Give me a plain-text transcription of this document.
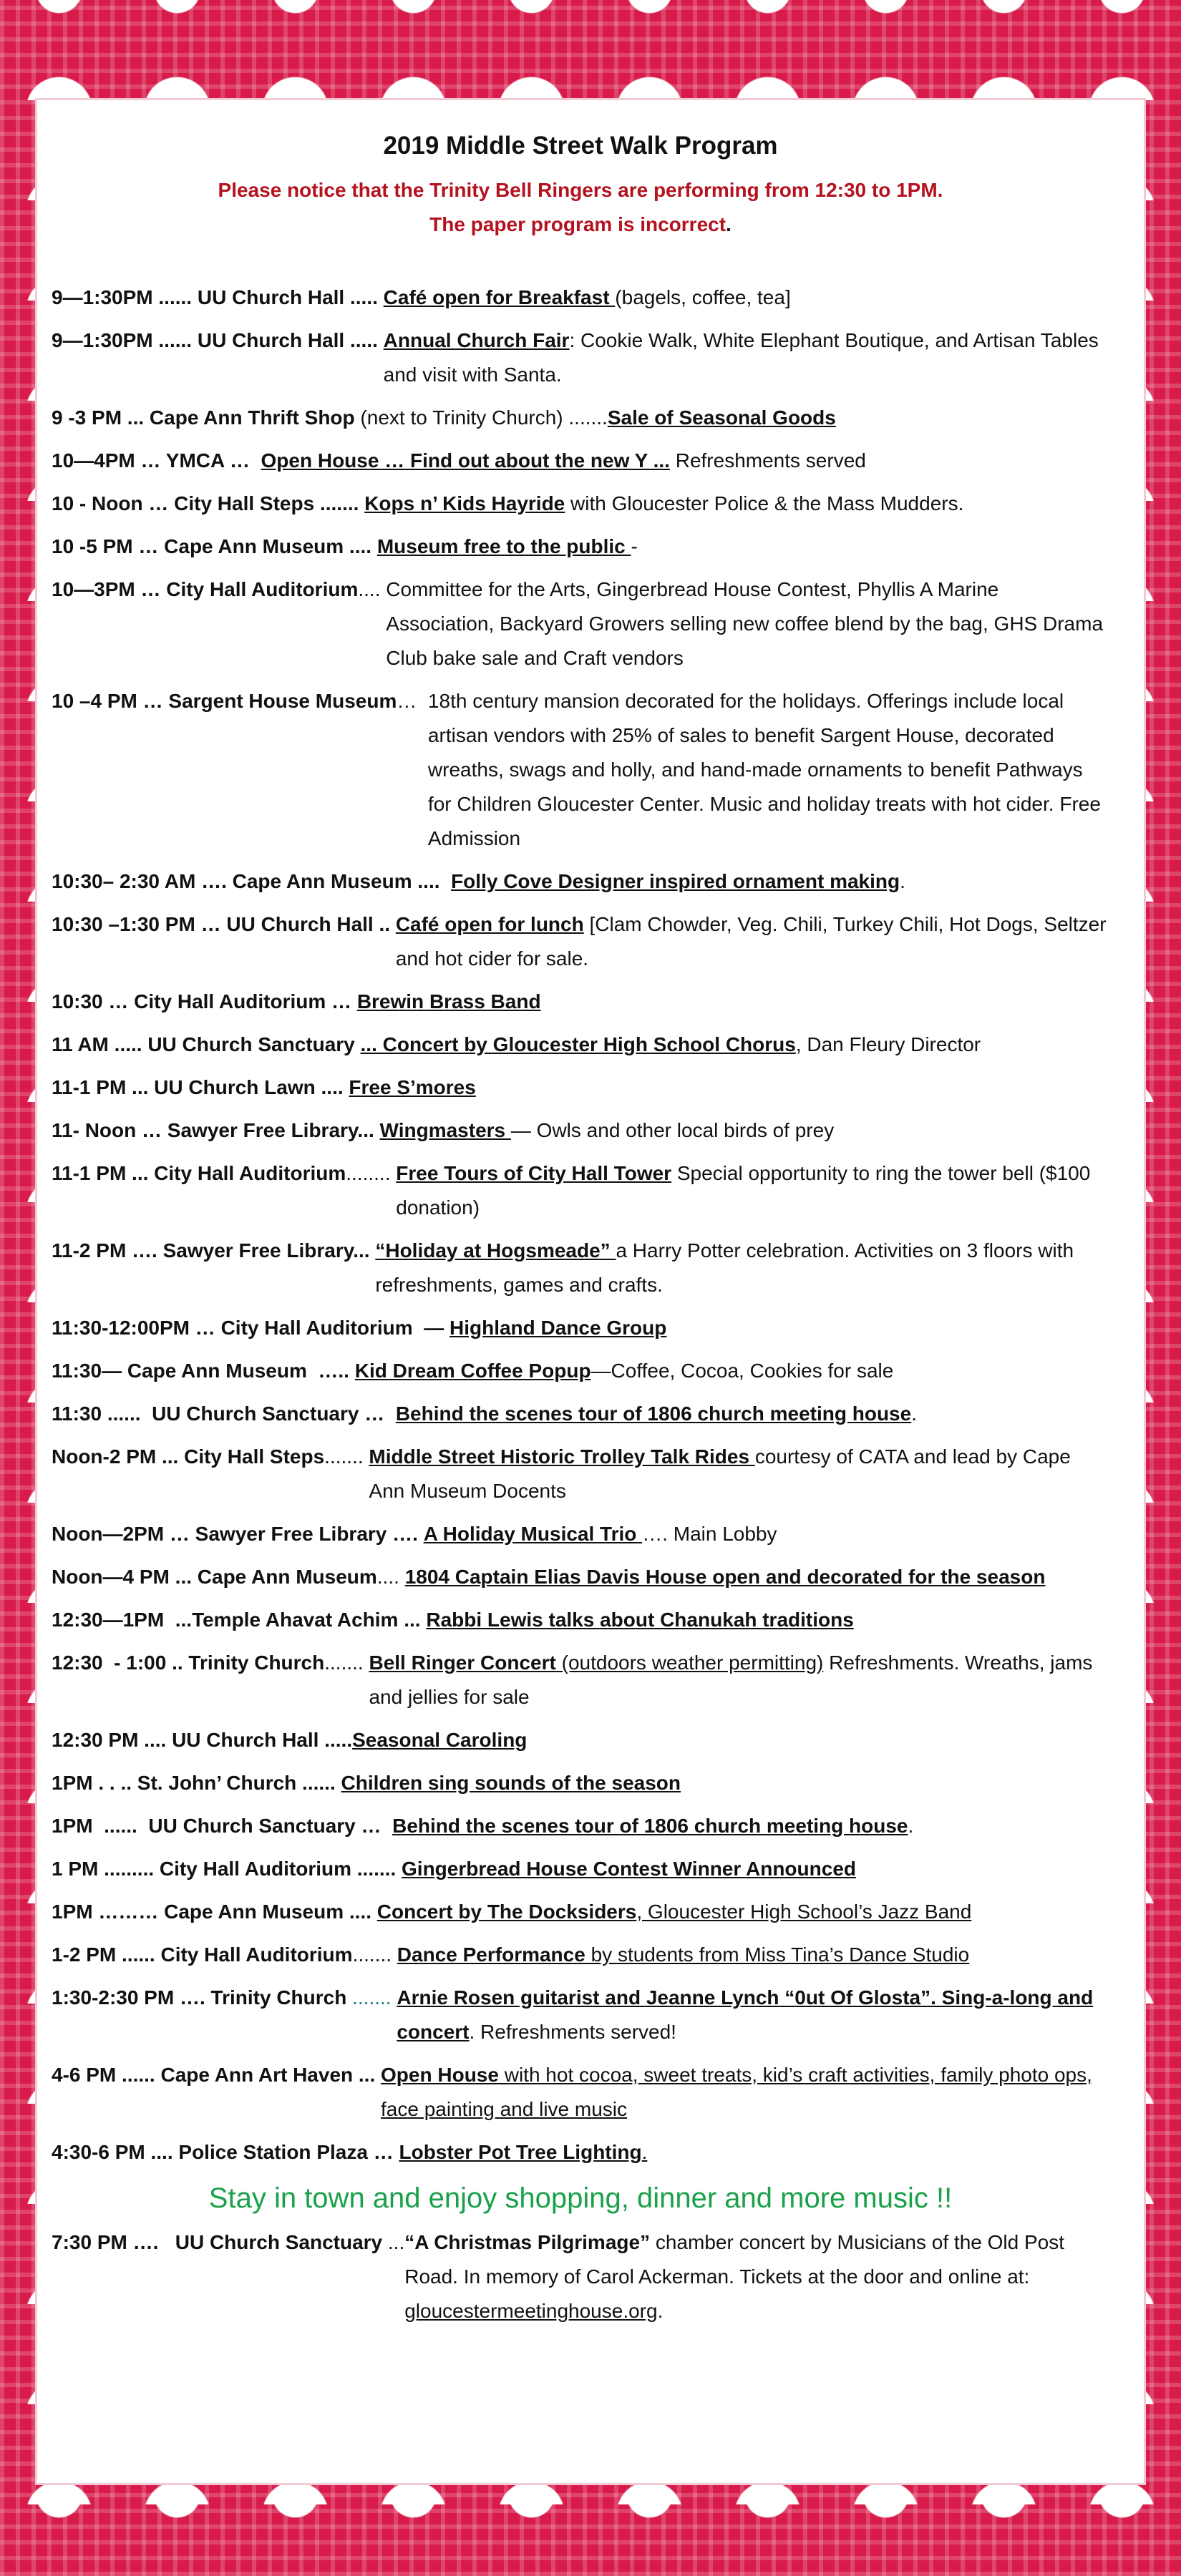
2019 Middle Street Walk Program
Please notice that the Trinity Bell Ringers are performing from 12:30 to 1PM.
The paper program is incorrect.
9—1:30PM ...... UU Church Hall ..... Café open for Breakfast (bagels, coffee, tea]
9—1:30PM ...... UU Church Hall ..... Annual Church Fair: Cookie Walk, White Elephant Boutique, and Artisan Tables and visit with Santa.
9 -3 PM ... Cape Ann Thrift Shop (next to Trinity Church) ....... Sale of Seasonal Goods
10—4PM … YMCA … Open House … Find out about the new Y ... Refreshments served
10 - Noon … City Hall Steps ....... Kops n’ Kids Hayride with Gloucester Police & the Mass Mudders.
10 -5 PM … Cape Ann Museum .... Museum free to the public -
10—3PM … City Hall Auditorium.... Committee for the Arts, Gingerbread House Contest, Phyllis A Marine Association, Backyard Growers selling new coffee blend by the bag, GHS Drama Club bake sale and Craft vendors
10 –4 PM … Sargent House Museum… 18th century mansion decorated for the holidays. Offerings include local artisan vendors with 25% of sales to benefit Sargent House, decorated wreaths, swags and holly, and hand-made ornaments to benefit Pathways for Children Gloucester Center. Music and holiday treats with hot cider. Free Admission
10:30– 2:30 AM …. Cape Ann Museum .... Folly Cove Designer inspired ornament making.
10:30 –1:30 PM … UU Church Hall .. Café open for lunch [Clam Chowder, Veg. Chili, Turkey Chili, Hot Dogs, Seltzer and hot cider for sale.
10:30 … City Hall Auditorium … Brewin Brass Band
11 AM ..... UU Church Sanctuary ... Concert by Gloucester High School Chorus, Dan Fleury Director
11-1 PM ... UU Church Lawn .... Free S’mores
11- Noon … Sawyer Free Library... Wingmasters — Owls and other local birds of prey
11-1 PM ... City Hall Auditorium........ Free Tours of City Hall Tower Special opportunity to ring the tower bell ($100 donation)
11-2 PM …. Sawyer Free Library... “Holiday at Hogsmeade” a Harry Potter celebration. Activities on 3 floors with refreshments, games and crafts.
11:30-12:00PM … City Hall Auditorium  — Highland Dance Group
11:30— Cape Ann Museum  ….. Kid Dream Coffee Popup—Coffee, Cocoa, Cookies for sale
11:30 ......  UU Church Sanctuary … Behind the scenes tour of 1806 church meeting house.
Noon-2 PM ... City Hall Steps....... Middle Street Historic Trolley Talk Rides courtesy of CATA and lead by Cape Ann Museum Docents
Noon—2PM … Sawyer Free Library …. A Holiday Musical Trio …. Main Lobby
Noon—4 PM ... Cape Ann Museum.... 1804 Captain Elias Davis House open and decorated for the season
12:30—1PM  ...Temple Ahavat Achim ... Rabbi Lewis talks about Chanukah traditions
12:30  - 1:00 .. Trinity Church....... Bell Ringer Concert (outdoors weather permitting) Refreshments. Wreaths, jams and jellies for sale
12:30 PM .... UU Church Hall ..... Seasonal Caroling
1PM . . .. St. John’ Church ...... Children sing sounds of the season
1PM  ......  UU Church Sanctuary … Behind the scenes tour of 1806 church meeting house.
1 PM ......... City Hall Auditorium ....... Gingerbread House Contest Winner Announced
1PM ……… Cape Ann Museum .... Concert by The Docksiders, Gloucester High School’s Jazz Band
1-2 PM ...... City Hall Auditorium....... Dance Performance by students from Miss Tina’s Dance Studio
1:30-2:30 PM …. Trinity Church ....... Arnie Rosen guitarist and Jeanne Lynch “0ut Of Glosta”. Sing-a-long and concert. Refreshments served!
4-6 PM ...... Cape Ann Art Haven ... Open House with hot cocoa, sweet treats, kid’s craft activities, family photo ops, face painting and live music
4:30-6 PM .... Police Station Plaza … Lobster Pot Tree Lighting.
Stay in town and enjoy shopping, dinner and more music !!
7:30 PM ….   UU Church Sanctuary ... “A Christmas Pilgrimage” chamber concert by Musicians of the Old Post Road. In memory of Carol Ackerman. Tickets at the door and online at: gloucestermeetinghouse.org.
